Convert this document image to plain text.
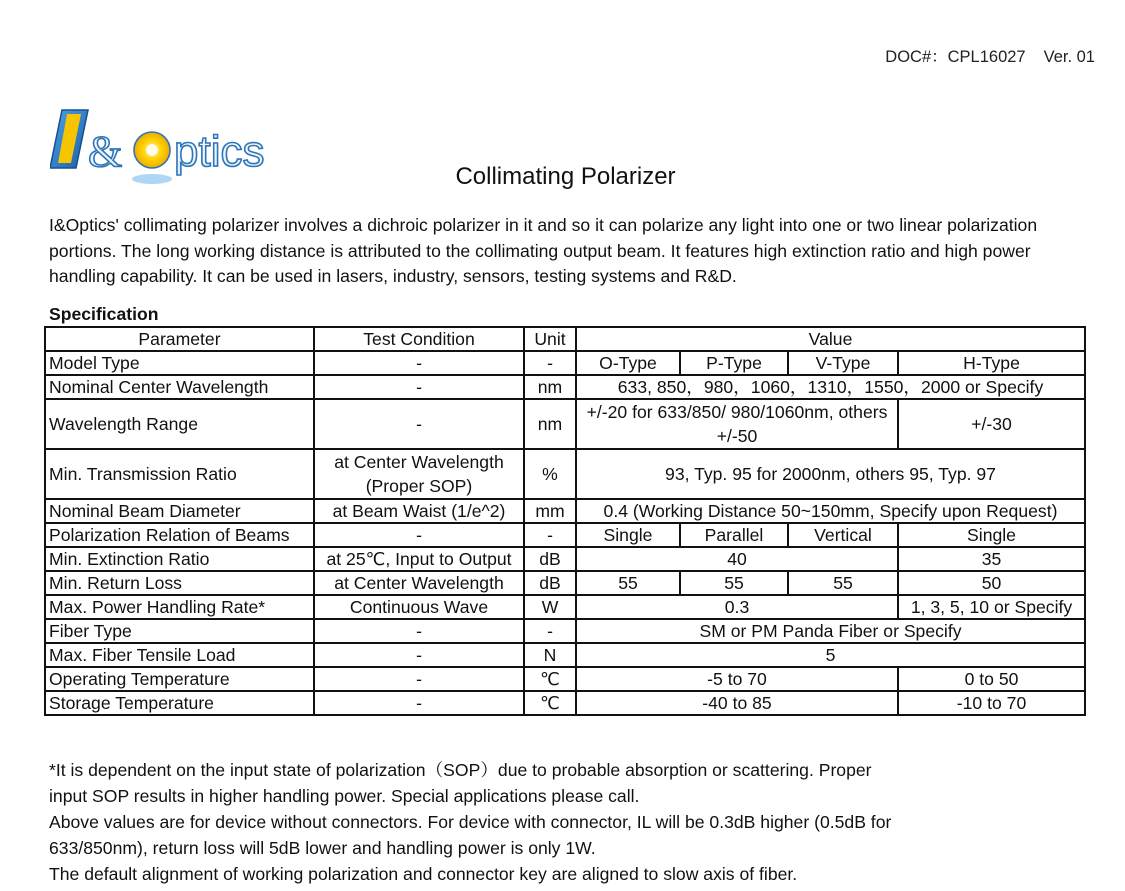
DOC#：CPL16027 Ver. 01
& ptics
Collimating Polarizer
I&Optics' collimating polarizer involves a dichroic polarizer in it and so it can polarize any light into one or two linear polarization portions. The long working distance is attributed to the collimating output beam. It features high extinction ratio and high power handling capability. It can be used in lasers, industry, sensors, testing systems and R&D.
Specification
Parameter	Test Condition	Unit	Value			
Model Type	-	-	O-Type	P-Type	V-Type	H-Type
Nominal Center Wavelength	-	nm	633, 850，980，1060，1310，1550，2000 or Specify			
Wavelength Range	-	nm	+/-20 for 633/850/ 980/1060nm, others +/-50			+/-30
Min. Transmission Ratio	at Center Wavelength (Proper SOP)	%	93, Typ. 95 for 2000nm, others 95, Typ. 97			
Nominal Beam Diameter	at Beam Waist (1/e^2)	mm	0.4 (Working Distance 50~150mm, Specify upon Request)			
Polarization Relation of Beams	-	-	Single	Parallel	Vertical	Single
Min. Extinction Ratio	at 25℃, Input to Output	dB	40			35
Min. Return Loss	at Center Wavelength	dB	55	55	55	50
Max. Power Handling Rate*	Continuous Wave	W	0.3			1, 3, 5, 10 or Specify
Fiber Type	-	-	SM or PM Panda Fiber or Specify			
Max. Fiber Tensile Load	-	N	5			
Operating Temperature	-	℃	-5 to 70			0 to 50
Storage Temperature	-	℃	-40 to 85			-10 to 70
*It is dependent on the input state of polarization（SOP）due to probable absorption or scattering. Proper
input SOP results in higher handling power. Special applications please call.
Above values are for device without connectors. For device with connector, IL will be 0.3dB higher (0.5dB for
633/850nm), return loss will 5dB lower and handling power is only 1W.
The default alignment of working polarization and connector key are aligned to slow axis of fiber.
